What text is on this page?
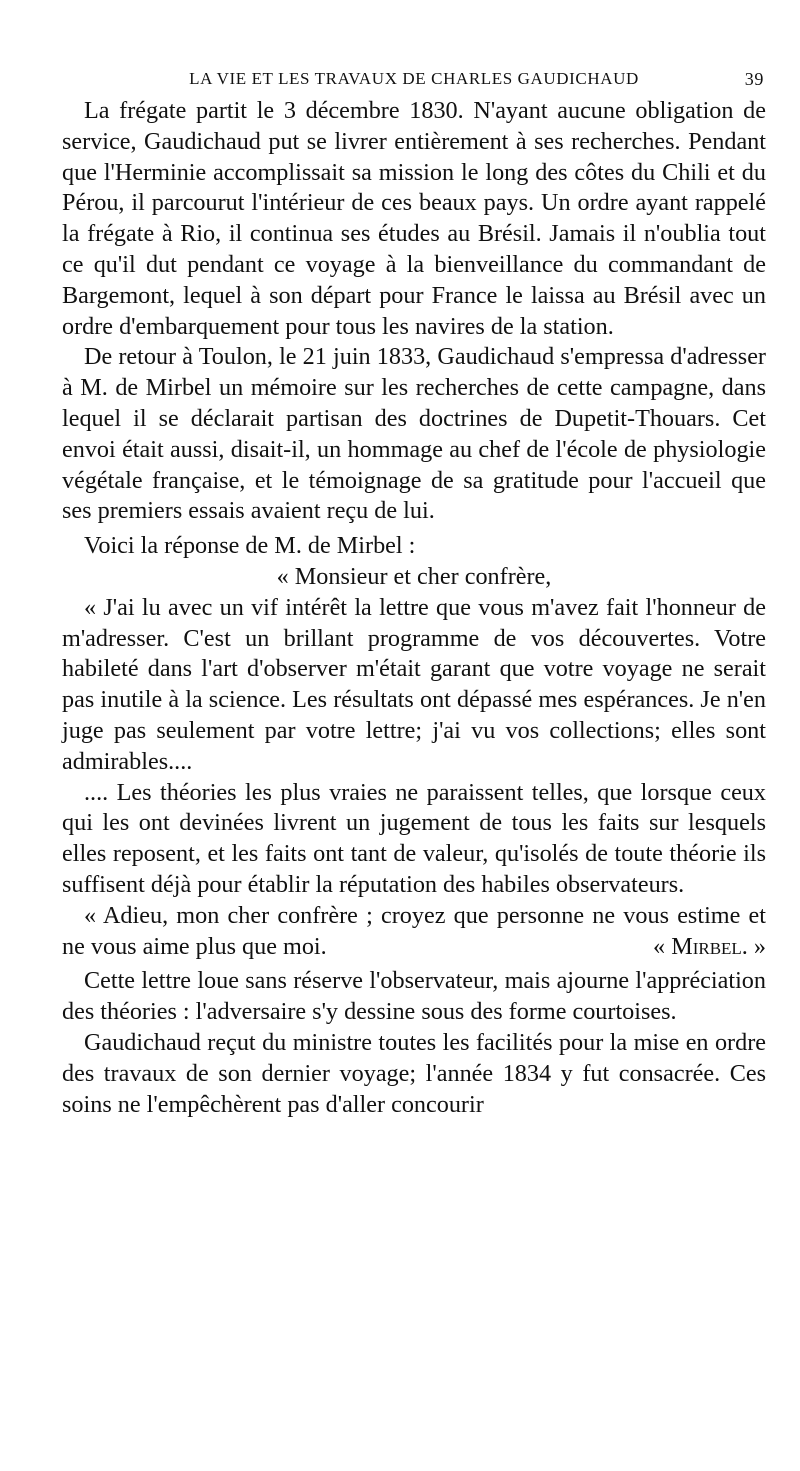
LA VIE ET LES TRAVAUX DE CHARLES GAUDICHAUD	39

La frégate partit le 3 décembre 1830. N'ayant aucune obligation de service, Gaudichaud put se livrer entièrement à ses recherches. Pendant que l'Herminie accomplissait sa mission le long des côtes du Chili et du Pérou, il parcourut l'intérieur de ces beaux pays. Un ordre ayant rappelé la frégate à Rio, il continua ses études au Brésil. Jamais il n'oublia tout ce qu'il dut pendant ce voyage à la bienveillance du commandant de Bargemont, lequel à son départ pour France le laissa au Brésil avec un ordre d'embarquement pour tous les navires de la station.

De retour à Toulon, le 21 juin 1833, Gaudichaud s'empressa d'adresser à M. de Mirbel un mémoire sur les recherches de cette campagne, dans lequel il se déclarait partisan des doctrines de Dupetit-Thouars. Cet envoi était aussi, disait-il, un hommage au chef de l'école de physiologie végétale française, et le témoignage de sa gratitude pour l'accueil que ses premiers essais avaient reçu de lui.

Voici la réponse de M. de Mirbel :

« Monsieur et cher confrère,

« J'ai lu avec un vif intérêt la lettre que vous m'avez fait l'honneur de m'adresser. C'est un brillant programme de vos découvertes. Votre habileté dans l'art d'observer m'était garant que votre voyage ne serait pas inutile à la science. Les résultats ont dépassé mes espérances. Je n'en juge pas seulement par votre lettre; j'ai vu vos collections; elles sont admirables....

.... Les théories les plus vraies ne paraissent telles, que lorsque ceux qui les ont devinées livrent un jugement de tous les faits sur lesquels elles reposent, et les faits ont tant de valeur, qu'isolés de toute théorie ils suffisent déjà pour établir la réputation des habiles observateurs.

« Adieu, mon cher confrère ; croyez que personne ne vous estime et ne vous aime plus que moi.	« Mirbel. »

Cette lettre loue sans réserve l'observateur, mais ajourne l'appréciation des théories : l'adversaire s'y dessine sous des forme courtoises.

Gaudichaud reçut du ministre toutes les facilités pour la mise en ordre des travaux de son dernier voyage; l'année 1834 y fut consacrée. Ces soins ne l'empêchèrent pas d'aller concourir
